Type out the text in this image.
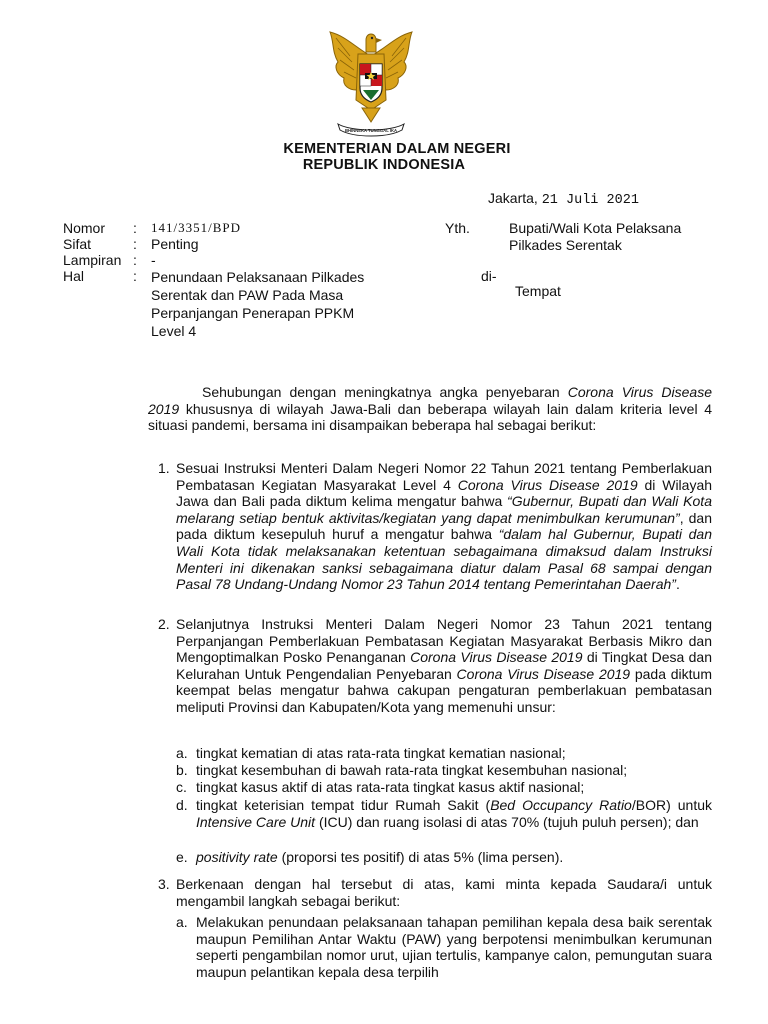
BHINNEKA TUNGGAL IKA
KEMENTERIAN DALAM NEGERI
REPUBLIK INDONESIA
Jakarta, 21 Juli 2021
Nomor	:	141/3351/BPD
Sifat	:	Penting
Lampiran :	-
Hal	:	Penundaan Pelaksanaan Pilkades Serentak dan PAW Pada Masa Perpanjangan Penerapan PPKM Level 4
Yth.	Bupati/Wali Kota Pelaksana
Pilkades Serentak
di-
Tempat
Sehubungan dengan meningkatnya angka penyebaran Corona Virus Disease 2019 khususnya di wilayah Jawa-Bali dan beberapa wilayah lain dalam kriteria level 4 situasi pandemi, bersama ini disampaikan beberapa hal sebagai berikut:
1. Sesuai Instruksi Menteri Dalam Negeri Nomor 22 Tahun 2021 tentang Pemberlakuan Pembatasan Kegiatan Masyarakat Level 4 Corona Virus Disease 2019 di Wilayah Jawa dan Bali pada diktum kelima mengatur bahwa “Gubernur, Bupati dan Wali Kota melarang setiap bentuk aktivitas/kegiatan yang dapat menimbulkan kerumunan”, dan pada diktum kesepuluh huruf a mengatur bahwa “dalam hal Gubernur, Bupati dan Wali Kota tidak melaksanakan ketentuan sebagaimana dimaksud dalam Instruksi Menteri ini dikenakan sanksi sebagaimana diatur dalam Pasal 68 sampai dengan Pasal 78 Undang-Undang Nomor 23 Tahun 2014 tentang Pemerintahan Daerah”.
2. Selanjutnya Instruksi Menteri Dalam Negeri Nomor 23 Tahun 2021 tentang Perpanjangan Pemberlakuan Pembatasan Kegiatan Masyarakat Berbasis Mikro dan Mengoptimalkan Posko Penanganan Corona Virus Disease 2019 di Tingkat Desa dan Kelurahan Untuk Pengendalian Penyebaran Corona Virus Disease 2019 pada diktum keempat belas mengatur bahwa cakupan pengaturan pemberlakuan pembatasan meliputi Provinsi dan Kabupaten/Kota yang memenuhi unsur:
a. tingkat kematian di atas rata-rata tingkat kematian nasional;
b. tingkat kesembuhan di bawah rata-rata tingkat kesembuhan nasional;
c. tingkat kasus aktif di atas rata-rata tingkat kasus aktif nasional;
d. tingkat keterisian tempat tidur Rumah Sakit (Bed Occupancy Ratio/BOR) untuk Intensive Care Unit (ICU) dan ruang isolasi di atas 70% (tujuh puluh persen); dan
e. positivity rate (proporsi tes positif) di atas 5% (lima persen).
3. Berkenaan dengan hal tersebut di atas, kami minta kepada Saudara/i untuk mengambil langkah sebagai berikut:
a. Melakukan penundaan pelaksanaan tahapan pemilihan kepala desa baik serentak maupun Pemilihan Antar Waktu (PAW) yang berpotensi menimbulkan kerumunan seperti pengambilan nomor urut, ujian tertulis, kampanye calon, pemungutan suara maupun pelantikan kepala desa terpilih
